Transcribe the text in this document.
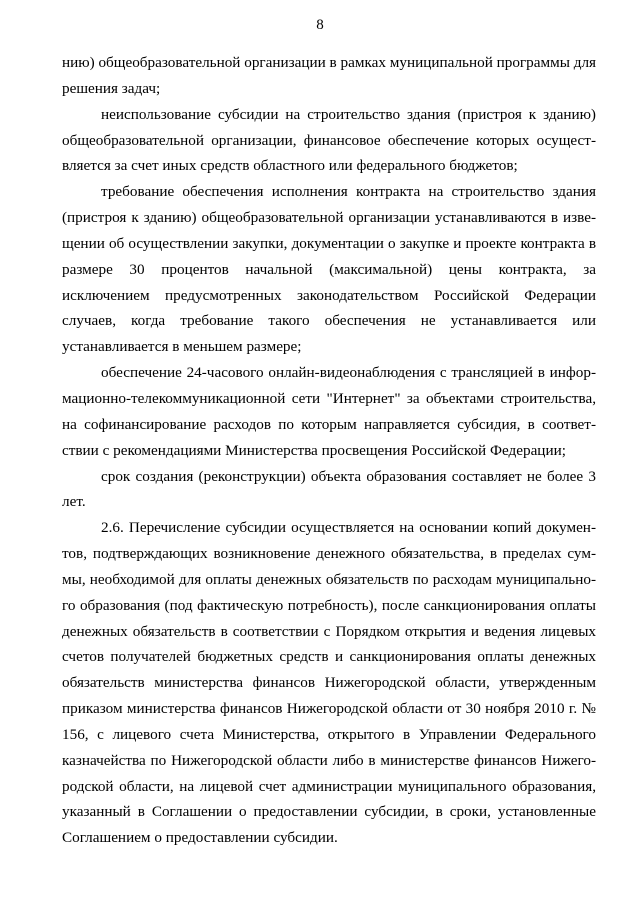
8

нию) общеобразовательной организации в рамках муниципальной программы для решения задач;

неиспользование субсидии на строительство здания (пристроя к зданию) общеобразовательной организации, финансовое обеспечение которых осуществляется за счет иных средств областного или федерального бюджетов;

требование обеспечения исполнения контракта на строительство здания (пристроя к зданию) общеобразовательной организации устанавливаются в извещении об осуществлении закупки, документации о закупке и проекте контракта в размере 30 процентов начальной (максимальной) цены контракта, за исключением предусмотренных законодательством Российской Федерации случаев, когда требование такого обеспечения не устанавливается или устанавливается в меньшем размере;

обеспечение 24-часового онлайн-видеонаблюдения с трансляцией в информационно-телекоммуникационной сети "Интернет" за объектами строительства, на софинансирование расходов по которым направляется субсидия, в соответствии с рекомендациями Министерства просвещения Российской Федерации;

срок создания (реконструкции) объекта образования составляет не более 3 лет.

2.6. Перечисление субсидии осуществляется на основании копий документов, подтверждающих возникновение денежного обязательства, в пределах суммы, необходимой для оплаты денежных обязательств по расходам муниципального образования (под фактическую потребность), после санкционирования оплаты денежных обязательств в соответствии с Порядком открытия и ведения лицевых счетов получателей бюджетных средств и санкционирования оплаты денежных обязательств министерства финансов Нижегородской области, утвержденным приказом министерства финансов Нижегородской области от 30 ноября 2010 г. № 156, с лицевого счета Министерства, открытого в Управлении Федерального казначейства по Нижегородской области либо в министерстве финансов Нижегородской области, на лицевой счет администрации муниципального образования, указанный в Соглашении о предоставлении субсидии, в сроки, установленные Соглашением о предоставлении субсидии.
